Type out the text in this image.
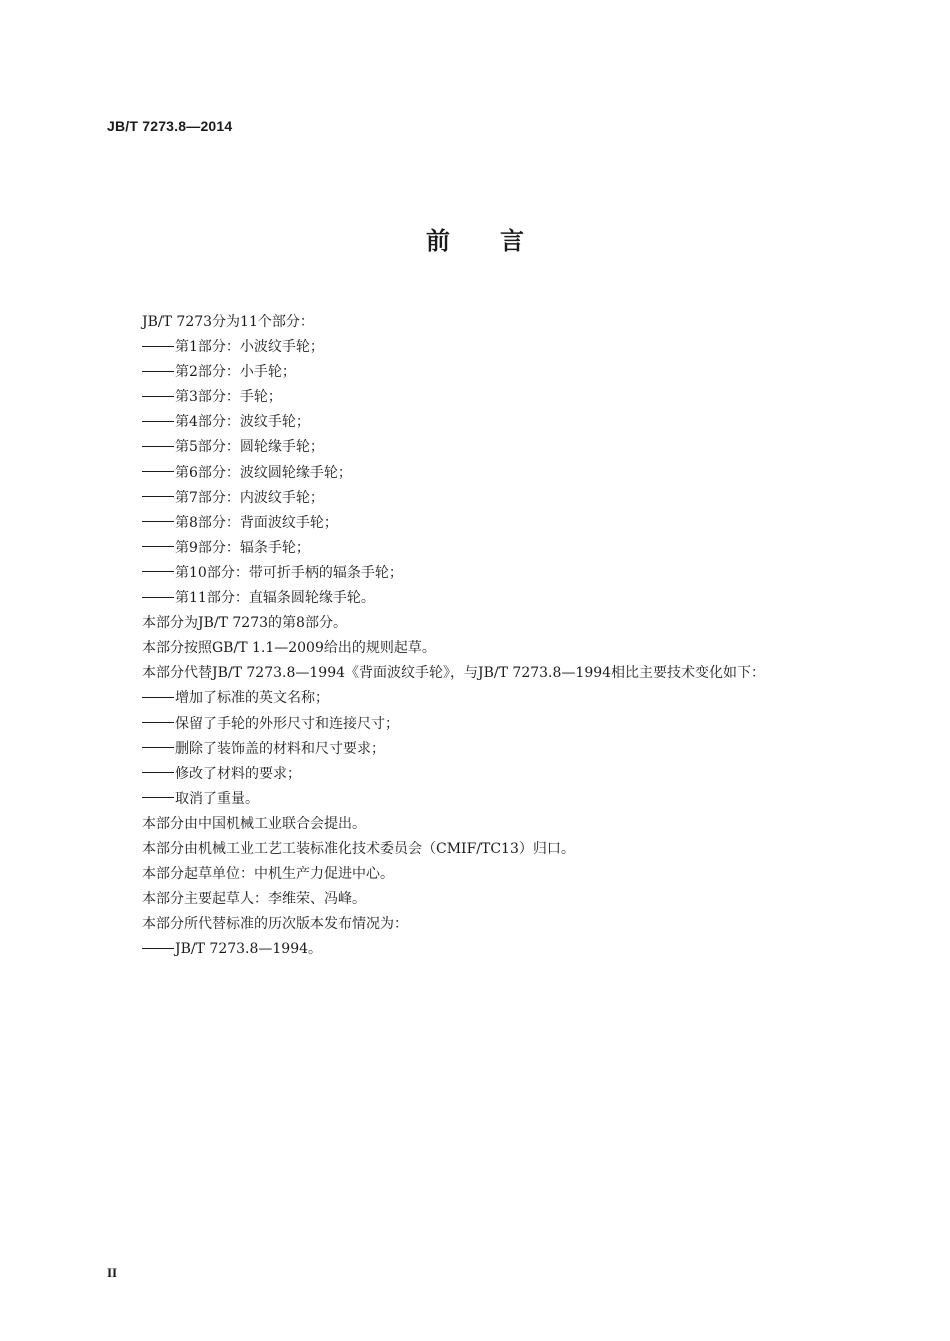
JB/T 7273.8—2014
前言
JB/T 7273分为11个部分：
第1部分：小波纹手轮；
第2部分：小手轮；
第3部分：手轮；
第4部分：波纹手轮；
第5部分：圆轮缘手轮；
第6部分：波纹圆轮缘手轮；
第7部分：内波纹手轮；
第8部分：背面波纹手轮；
第9部分：辐条手轮；
第10部分：带可折手柄的辐条手轮；
第11部分：直辐条圆轮缘手轮。
本部分为JB/T 7273的第8部分。
本部分按照GB/T 1.1—2009给出的规则起草。
本部分代替JB/T 7273.8—1994《背面波纹手轮》，与JB/T 7273.8—1994相比主要技术变化如下：
增加了标准的英文名称；
保留了手轮的外形尺寸和连接尺寸；
删除了装饰盖的材料和尺寸要求；
修改了材料的要求；
取消了重量。
本部分由中国机械工业联合会提出。
本部分由机械工业工艺工装标准化技术委员会（CMIF/TC13）归口。
本部分起草单位：中机生产力促进中心。
本部分主要起草人：李维荣、冯峰。
本部分所代替标准的历次版本发布情况为：
JB/T 7273.8—1994。
II
